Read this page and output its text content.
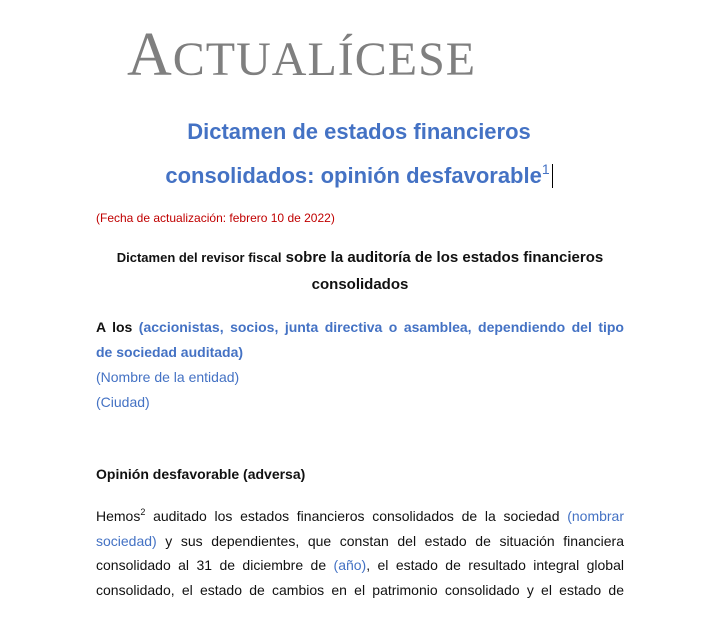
ACTUALÍCESE
Dictamen de estados financieros
consolidados: opinión desfavorable$^1$
(Fecha de actualización: febrero 10 de 2022)
Dictamen del revisor fiscal sobre la auditoría de los estados financieros
consolidados
A los (accionistas, socios, junta directiva o asamblea, dependiendo del tipo
de sociedad auditada)
(Nombre de la entidad)
(Ciudad)
Opinión desfavorable (adversa)
Hemos$^2$ auditado los estados financieros consolidados de la sociedad (nombrar
sociedad) y sus dependientes, que constan del estado de situación financiera
consolidado al 31 de diciembre de (año), el estado de resultado integral global
consolidado, el estado de cambios en el patrimonio consolidado y el estado de
